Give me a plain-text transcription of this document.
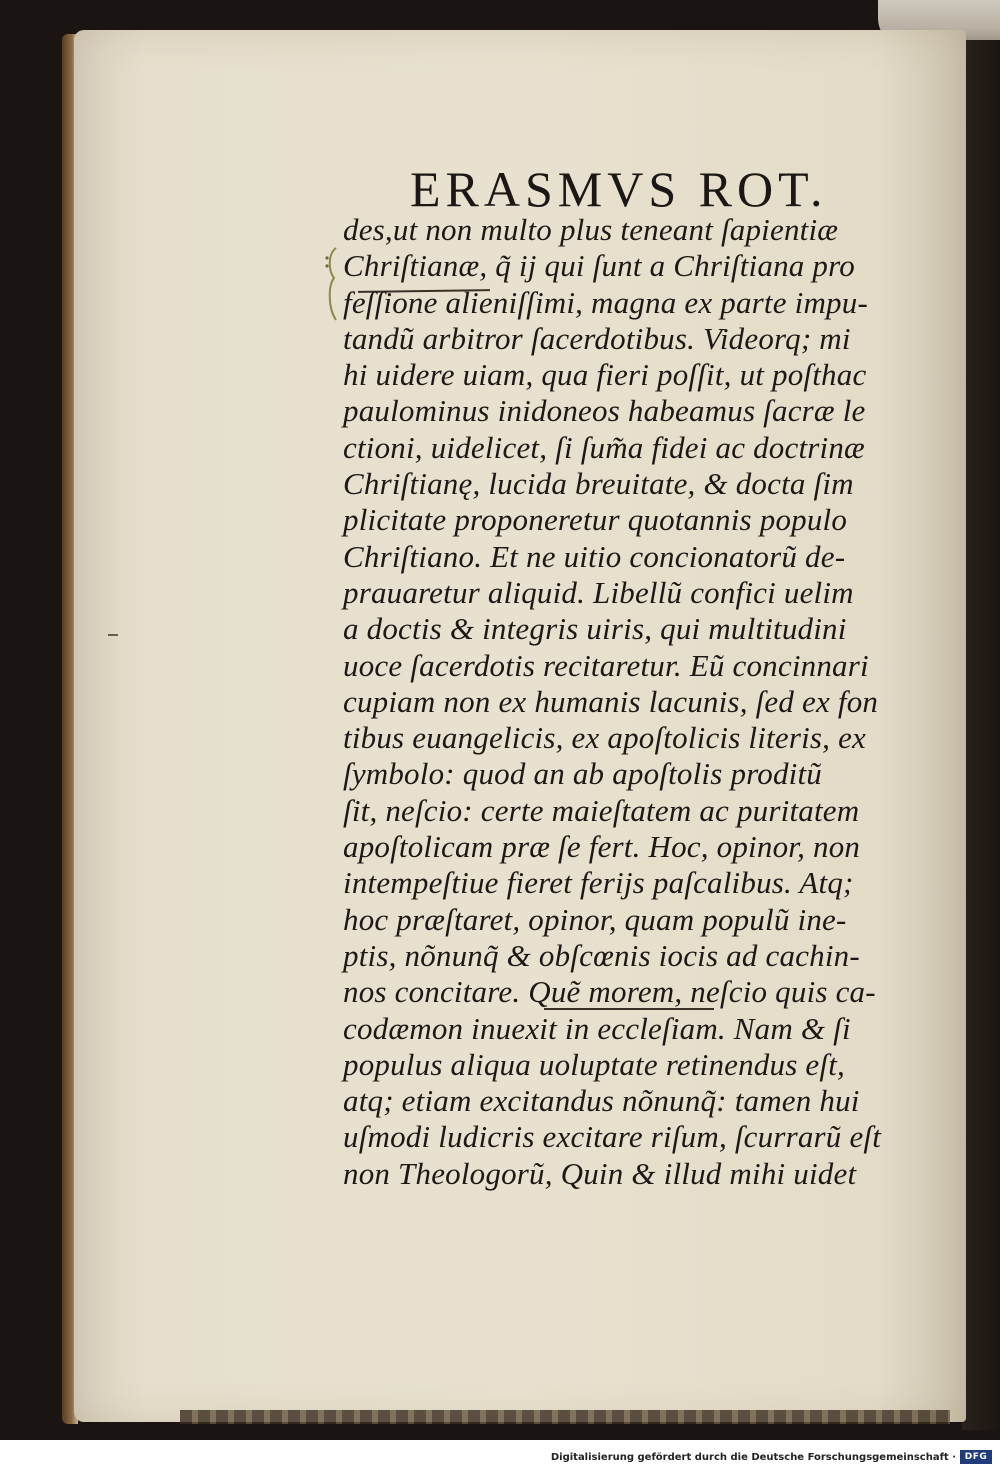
ERASMVS ROT.
des,ut non multo plus teneant ſapientiæ
Chriſtianæ, q̃ ij qui ſunt a Chriſtiana pro
feſſione alieniſſimi, magna ex parte impu-
tandũ arbitror ſacerdotibus. Videorq; mi
hi uidere uiam, qua fieri poſſit, ut poſthac
paulominus inidoneos habeamus ſacræ le
ctioni, uidelicet, ſi ſum̃a fidei ac doctrinæ
Chriſtianę, lucida breuitate, & docta ſim
plicitate proponeretur quotannis populo
Chriſtiano. Et ne uitio concionatorũ de-
prauaretur aliquid. Libellũ confici uelim
a doctis & integris uiris, qui multitudini
uoce ſacerdotis recitaretur. Eũ concinnari
cupiam non ex humanis lacunis, ſed ex fon
tibus euangelicis, ex apoſtolicis literis, ex
ſymbolo: quod an ab apoſtolis proditũ
ſit, neſcio: certe maieſtatem ac puritatem
apoſtolicam præ ſe fert. Hoc, opinor, non
intempeſtiue fieret ferijs paſcalibus. Atq;
hoc præſtaret, opinor, quam populũ ine-
ptis, nõnunq̃ & obſcœnis iocis ad cachin-
nos concitare. Quẽ morem, neſcio quis ca-
codæmon inuexit in eccleſiam. Nam & ſi
populus aliqua uoluptate retinendus eſt,
atq; etiam excitandus nõnunq̃: tamen hui
uſmodi ludicris excitare riſum, ſcurrarũ eſt
non Theologorũ, Quin & illud mihi uidet
Digitalisierung gefördert durch die Deutsche Forschungsgemeinschaft · DFG
